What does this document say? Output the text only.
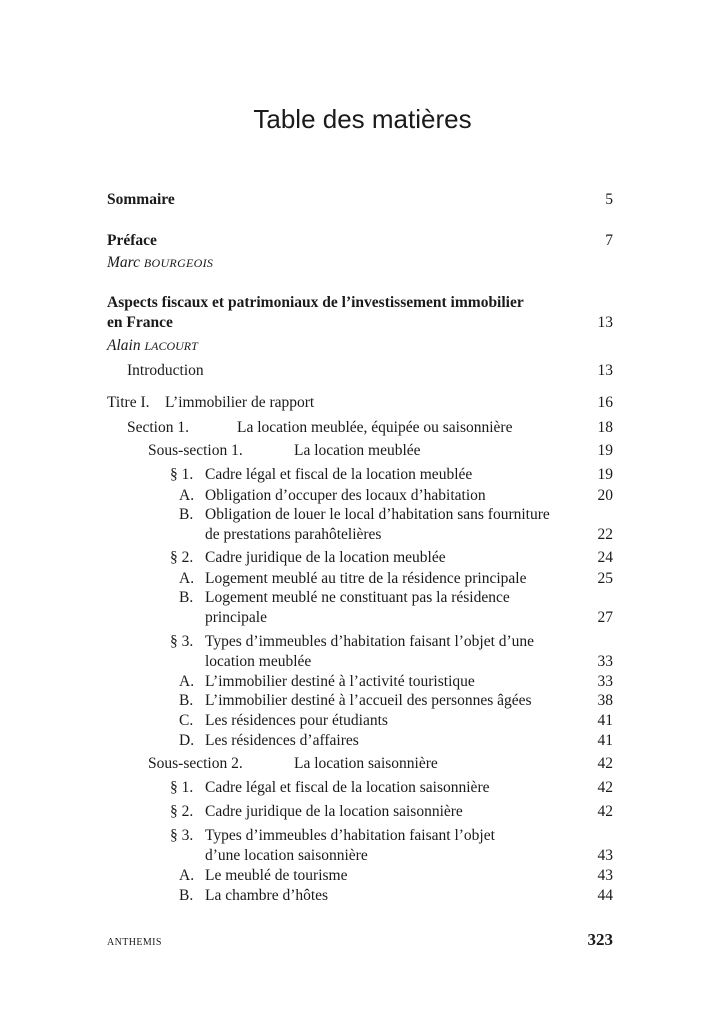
Table des matières
Sommaire	5
Préface	7
Marc BOURGEOIS
Aspects fiscaux et patrimoniaux de l’investissement immobilier
en France	13
Alain LACOURT
Introduction	13
Titre I. L’immobilier de rapport	16
Section 1.	La location meublée, équipée ou saisonnière	18
Sous-section 1.	La location meublée	19
§ 1. Cadre légal et fiscal de la location meublée	19
A. Obligation d’occuper des locaux d’habitation	20
B. Obligation de louer le local d’habitation sans fourniture
de prestations parahôtelières	22
§ 2. Cadre juridique de la location meublée	24
A. Logement meublé au titre de la résidence principale	25
B. Logement meublé ne constituant pas la résidence
principale	27
§ 3. Types d’immeubles d’habitation faisant l’objet d’une
location meublée	33
A. L’immobilier destiné à l’activité touristique	33
B. L’immobilier destiné à l’accueil des personnes âgées	38
C. Les résidences pour étudiants	41
D. Les résidences d’affaires	41
Sous-section 2.	La location saisonnière	42
§ 1. Cadre légal et fiscal de la location saisonnière	42
§ 2. Cadre juridique de la location saisonnière	42
§ 3. Types d’immeubles d’habitation faisant l’objet
d’une location saisonnière	43
A. Le meublé de tourisme	43
B. La chambre d’hôtes	44
ANTHEMIS	323
